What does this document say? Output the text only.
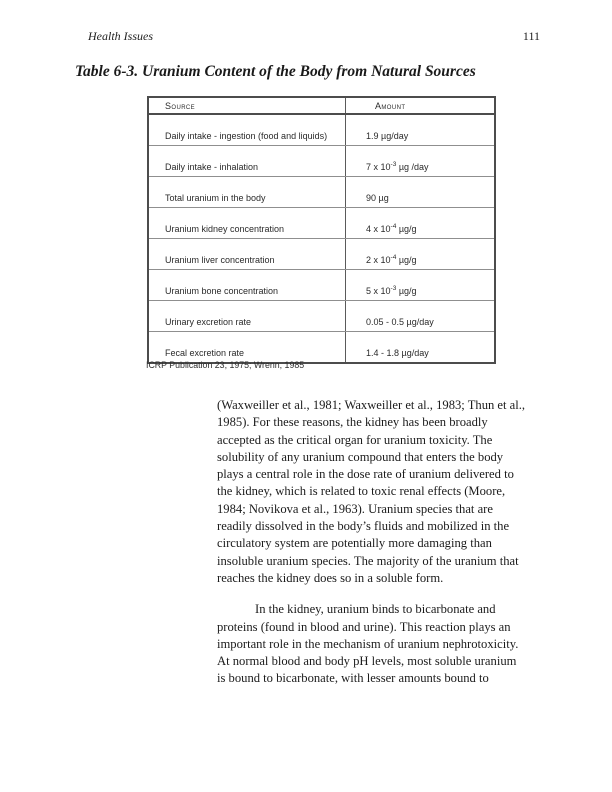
Health Issues	111
Table 6-3. Uranium Content of the Body from Natural Sources
Source	Amount
Daily intake - ingestion (food and liquids)	1.9 µg/day
Daily intake - inhalation	7 x $10^{-3}$ µg /day
Total uranium in the body	90 µg
Uranium kidney concentration	4 x $10^{-4}$ µg/g
Uranium liver concentration	2 x $10^{-4}$ µg/g
Uranium bone concentration	5 x $10^{-3}$ µg/g
Urinary excretion rate	0.05 - 0.5 µg/day
Fecal excretion rate	1.4 - 1.8 µg/day
ICRP Publication 23, 1975; Wrenn, 1985
(Waxweiller et al., 1981; Waxweiller et al., 1983; Thun et al.,
1985). For these reasons, the kidney has been broadly
accepted as the critical organ for uranium toxicity. The
solubility of any uranium compound that enters the body
plays a central role in the dose rate of uranium delivered to
the kidney, which is related to toxic renal effects (Moore,
1984; Novikova et al., 1963). Uranium species that are
readily dissolved in the body’s fluids and mobilized in the
circulatory system are potentially more damaging than
insoluble uranium species. The majority of the uranium that
reaches the kidney does so in a soluble form.
In the kidney, uranium binds to bicarbonate and
proteins (found in blood and urine). This reaction plays an
important role in the mechanism of uranium nephrotoxicity.
At normal blood and body pH levels, most soluble uranium
is bound to bicarbonate, with lesser amounts bound to
